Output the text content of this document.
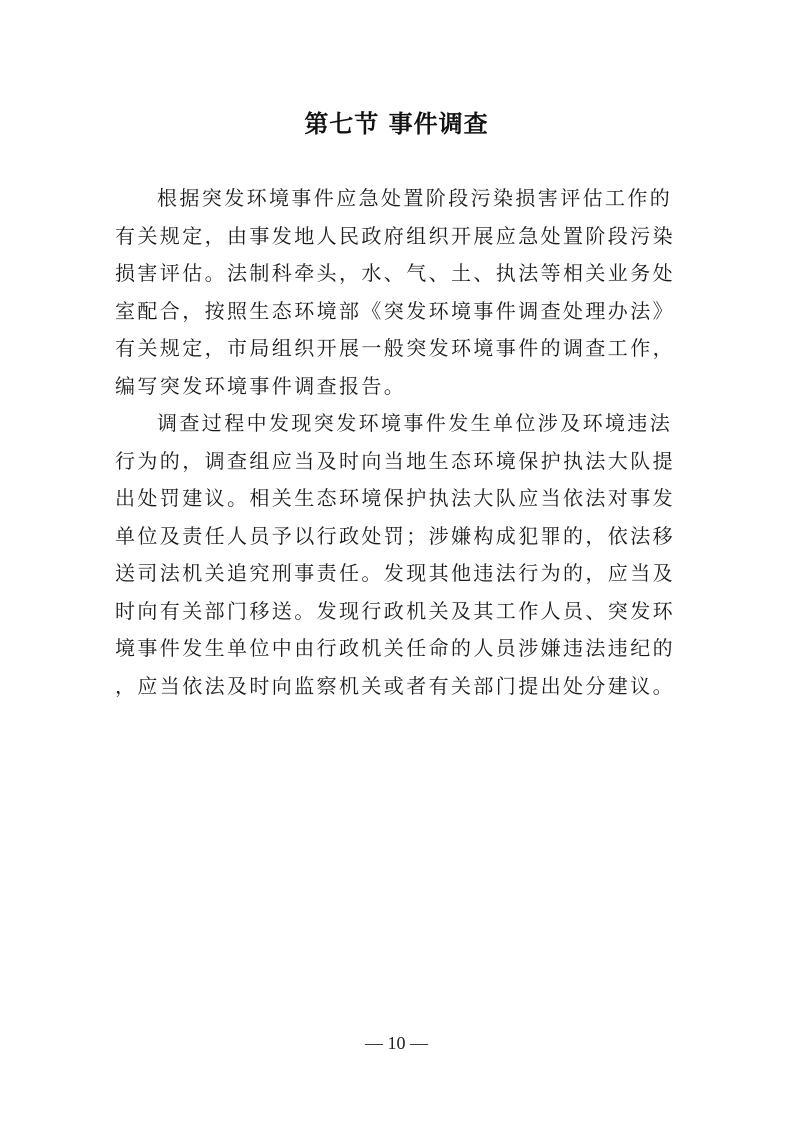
第七节 事件调查
根据突发环境事件应急处置阶段污染损害评估工作的
有关规定，由事发地人民政府组织开展应急处置阶段污染
损害评估。法制科牵头，水、气、土、执法等相关业务处
室配合，按照生态环境部《突发环境事件调查处理办法》
有关规定，市局组织开展一般突发环境事件的调查工作，
编写突发环境事件调查报告。
调查过程中发现突发环境事件发生单位涉及环境违法
行为的，调查组应当及时向当地生态环境保护执法大队提
出处罚建议。相关生态环境保护执法大队应当依法对事发
单位及责任人员予以行政处罚；涉嫌构成犯罪的，依法移
送司法机关追究刑事责任。发现其他违法行为的，应当及
时向有关部门移送。发现行政机关及其工作人员、突发环
境事件发生单位中由行政机关任命的人员涉嫌违法违纪的
，应当依法及时向监察机关或者有关部门提出处分建议。
— 10 —
